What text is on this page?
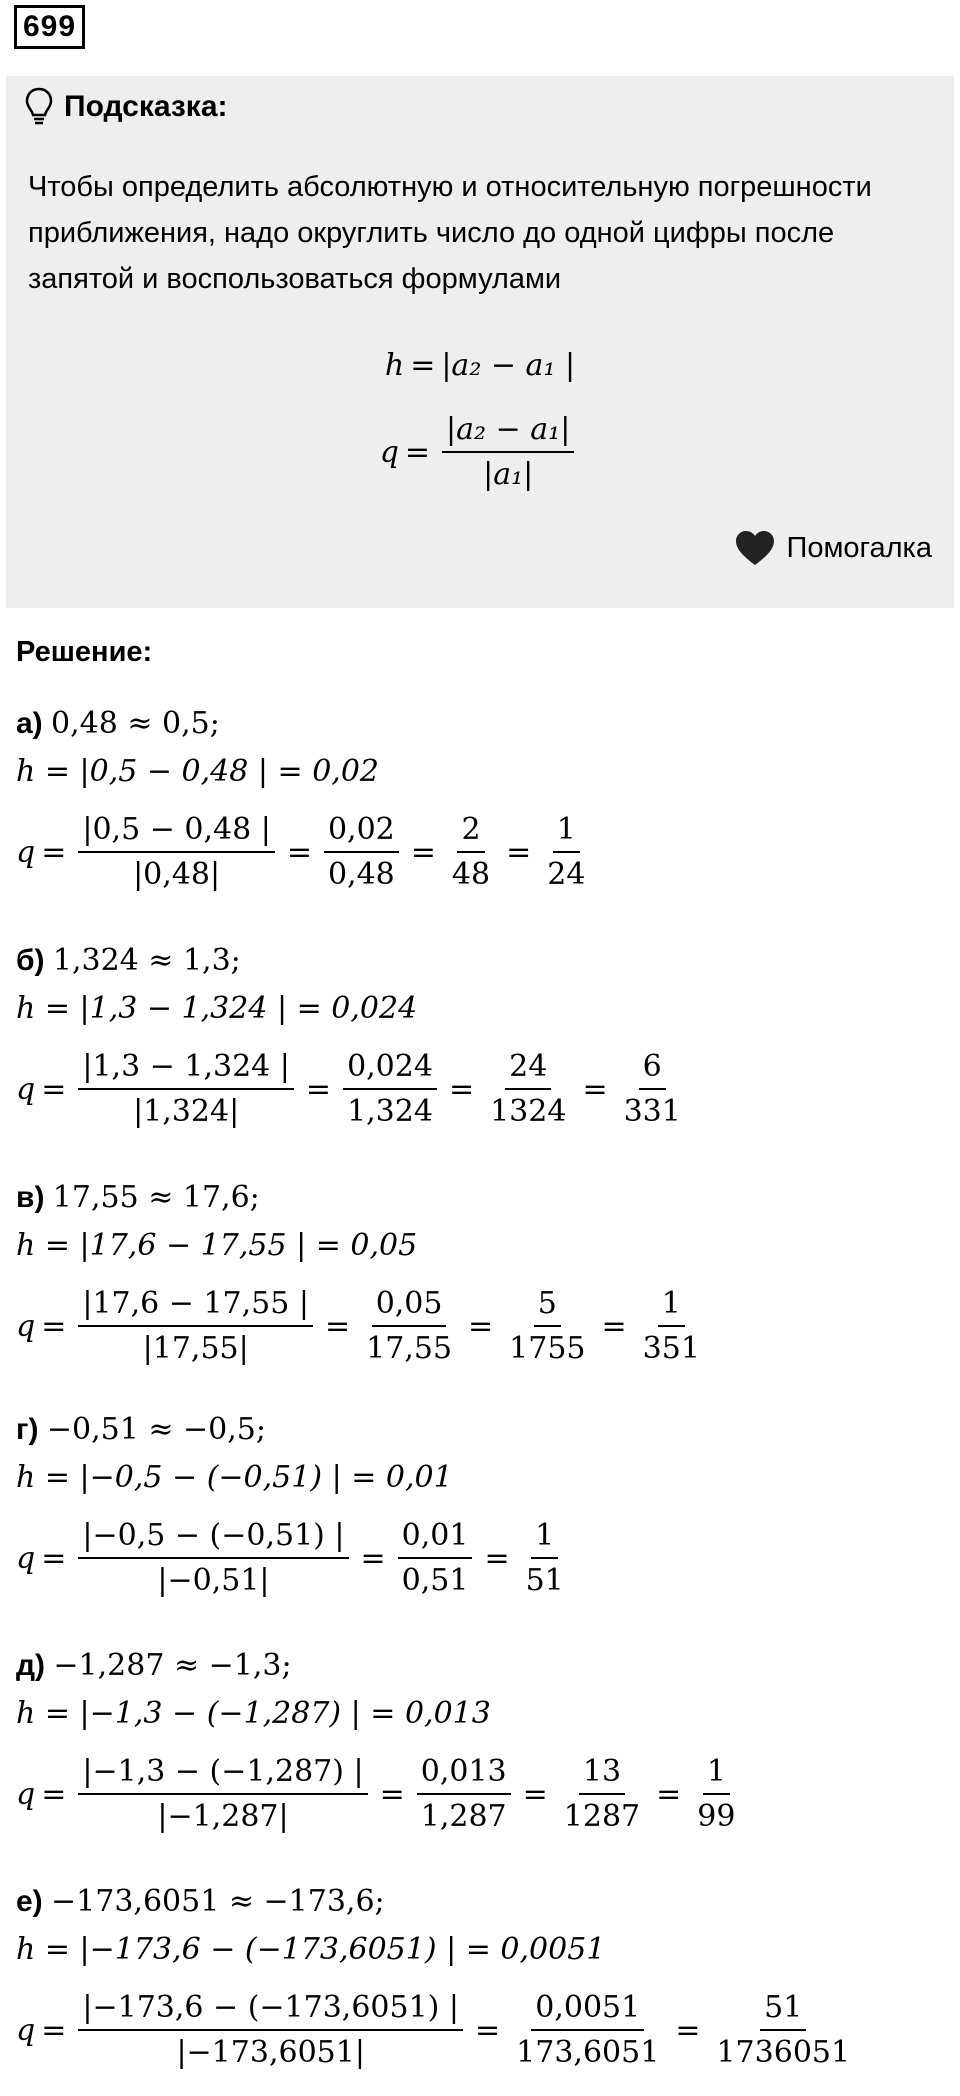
699
Подсказка:
Чтобы определить абсолютную и относительную погрешности приближения, надо округлить число до одной цифры после запятой и воспользоваться формулами
h = |a₂ − a₁ |
$q = \frac{\text{|a₂ − a₁|}}{\text{|a₁|}}$
Помогалка
Решение:
а) 0,48 ≈ 0,5;
h = |0,5 − 0,48 | = 0,02
$q = \frac{|0,5 - 0,48 |}{|0,48|} = \frac{0,02}{0,48} = \frac{2}{48} = \frac{1}{24}$
б) 1,324 ≈ 1,3;
h = |1,3 − 1,324 | = 0,024
$q = \frac{|1,3 - 1,324 |}{|1,324|} = \frac{0,024}{1,324} = \frac{24}{1324} = \frac{6}{331}$
в) 17,55 ≈ 17,6;
h = |17,6 − 17,55 | = 0,05
$q = \frac{|17,6 - 17,55 |}{|17,55|} = \frac{0,05}{17,55} = \frac{5}{1755} = \frac{1}{351}$
г) −0,51 ≈ −0,5;
h = |−0,5 − (−0,51) | = 0,01
$q = \frac{|-0,5 - (-0,51) |}{|-0,51|} = \frac{0,01}{0,51} = \frac{1}{51}$
д) −1,287 ≈ −1,3;
h = |−1,3 − (−1,287) | = 0,013
$q = \frac{|-1,3 - (-1,287) |}{|-1,287|} = \frac{0,013}{1,287} = \frac{13}{1287} = \frac{1}{99}$
е) −173,6051 ≈ −173,6;
h = |−173,6 − (−173,6051) | = 0,0051
$q = \frac{|-173,6 - (-173,6051) |}{|-173,6051|} = \frac{0,0051}{173,6051} = \frac{51}{1736051}$
